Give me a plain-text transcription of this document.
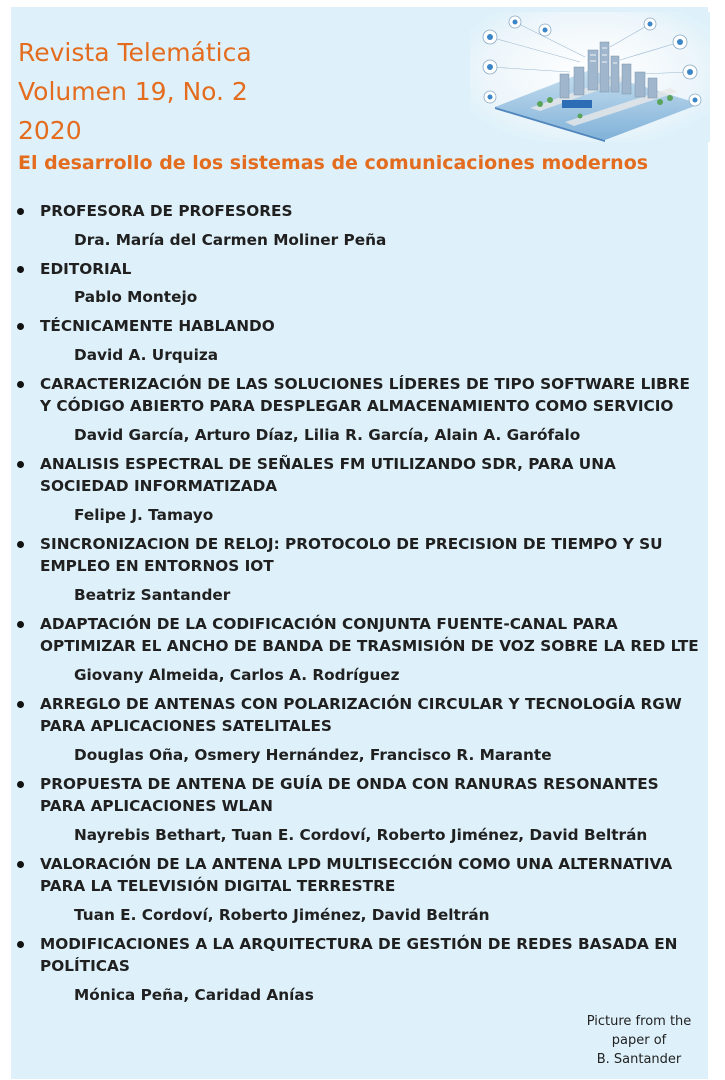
Revista Telemática
Volumen 19, No. 2
2020
El desarrollo de los sistemas de comunicaciones modernos
PROFESORA DE PROFESORES
Dra. María del Carmen Moliner Peña
EDITORIAL
Pablo Montejo
TÉCNICAMENTE HABLANDO
David A. Urquiza
CARACTERIZACIÓN DE LAS SOLUCIONES LÍDERES DE TIPO SOFTWARE LIBRE Y CÓDIGO ABIERTO PARA DESPLEGAR ALMACENAMIENTO COMO SERVICIO
David García, Arturo Díaz, Lilia R. García, Alain A. Garófalo
ANALISIS ESPECTRAL DE SEÑALES FM UTILIZANDO SDR, PARA UNA SOCIEDAD INFORMATIZADA
Felipe J. Tamayo
SINCRONIZACION DE RELOJ: PROTOCOLO DE PRECISION DE TIEMPO Y SU EMPLEO EN ENTORNOS IOT
Beatriz Santander
ADAPTACIÓN DE LA CODIFICACIÓN CONJUNTA FUENTE-CANAL PARA OPTIMIZAR EL ANCHO DE BANDA DE TRASMISIÓN DE VOZ SOBRE LA RED LTE
Giovany Almeida, Carlos A. Rodríguez
ARREGLO DE ANTENAS CON POLARIZACIÓN CIRCULAR Y TECNOLOGÍA RGW PARA APLICACIONES SATELITALES
Douglas Oña, Osmery Hernández, Francisco R. Marante
PROPUESTA DE ANTENA DE GUÍA DE ONDA CON RANURAS RESONANTES PARA APLICACIONES WLAN
Nayrebis Bethart, Tuan E. Cordoví, Roberto Jiménez, David Beltrán
VALORACIÓN DE LA ANTENA LPD MULTISECCIÓN COMO UNA ALTERNATIVA PARA LA TELEVISIÓN DIGITAL TERRESTRE
Tuan E. Cordoví, Roberto Jiménez, David Beltrán
MODIFICACIONES A LA ARQUITECTURA DE GESTIÓN DE REDES BASADA EN POLÍTICAS
Mónica Peña, Caridad Anías
Picture from the
paper of
B. Santander
